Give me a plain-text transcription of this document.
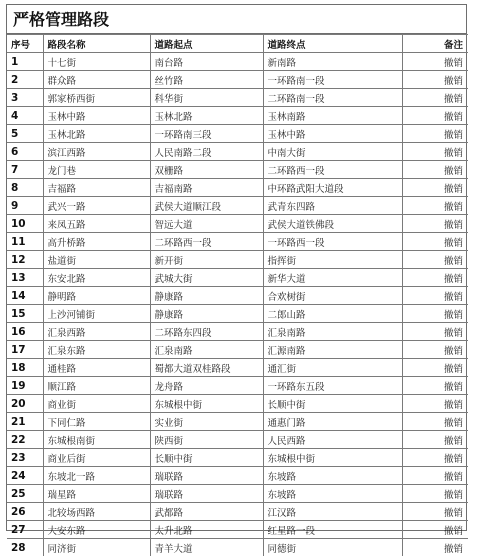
严格管理路段
序号	路段名称	道路起点	道路终点	备注
1	十七街	南台路	新南路	撤销
2	群众路	丝竹路	一环路南一段	撤销
3	郭家桥西街	科华街	二环路南一段	撤销
4	玉林中路	玉林北路	玉林南路	撤销
5	玉林北路	一环路南三段	玉林中路	撤销
6	滨江西路	人民南路二段	中南大街	撤销
7	龙门巷	双栅路	二环路西一段	撤销
8	吉福路	吉福南路	中环路武阳大道段	撤销
9	武兴一路	武侯大道顺江段	武青东四路	撤销
10	来凤五路	智远大道	武侯大道铁佛段	撤销
11	高升桥路	二环路西一段	一环路西一段	撤销
12	盐道街	新开街	指挥街	撤销
13	东安北路	武城大街	新华大道	撤销
14	静明路	静康路	合欢树街	撤销
15	上沙河铺街	静康路	二郎山路	撤销
16	汇泉西路	二环路东四段	汇泉南路	撤销
17	汇泉东路	汇泉南路	汇源南路	撤销
18	通桂路	蜀都大道双桂路段	通汇街	撤销
19	顺江路	龙舟路	一环路东五段	撤销
20	商业街	东城根中街	长顺中街	撤销
21	下同仁路	实业街	通惠门路	撤销
22	东城根南街	陕西街	人民西路	撤销
23	商业后街	长顺中街	东城根中街	撤销
24	东坡北一路	瑞联路	东坡路	撤销
25	瑞星路	瑞联路	东坡路	撤销
26	北较场西路	武都路	江汉路	撤销
27	大安东路	太升北路	红星路一段	撤销
28	同济街	青羊大道	同德街	撤销
